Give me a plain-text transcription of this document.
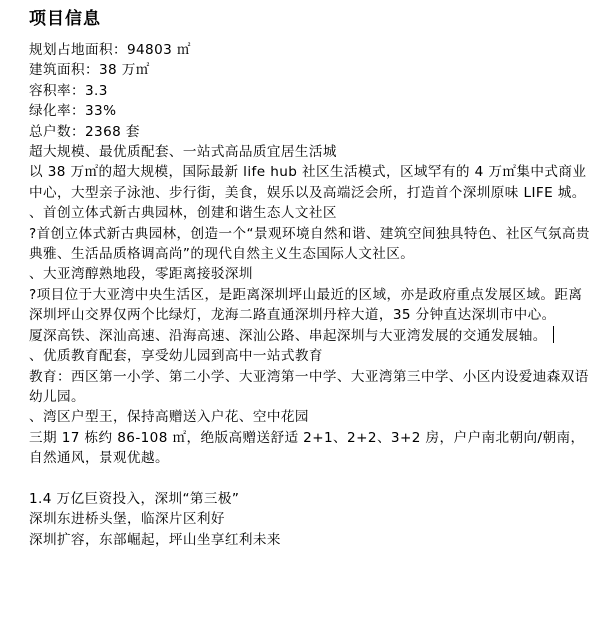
项目信息
规划占地面积：94803 ㎡
建筑面积：38 万㎡
容积率：3.3
绿化率：33%
总户数：2368 套
超大规模、最优质配套、一站式高品质宜居生活城
以 38 万㎡的超大规模，国际最新 life hub 社区生活模式，区域罕有的 4 万㎡集中式商业中心，大型亲子泳池、步行街，美食，娱乐以及高端泛会所，打造首个深圳原味 LIFE 城。
、首创立体式新古典园林，创建和谐生态人文社区
?首创立体式新古典园林，创造一个“景观环境自然和谐、建筑空间独具特色、社区气氛高贵典雅、生活品质格调高尚”的现代自然主义生态国际人文社区。
、大亚湾醇熟地段，零距离接驳深圳
?项目位于大亚湾中央生活区，是距离深圳坪山最近的区域，亦是政府重点发展区域。距离深圳坪山交界仅两个比绿灯，龙海二路直通深圳丹梓大道，35 分钟直达深圳市中心。
厦深高铁、深汕高速、沿海高速、深汕公路、串起深圳与大亚湾发展的交通发展轴。
、优质教育配套，享受幼儿园到高中一站式教育
教育：西区第一小学、第二小学、大亚湾第一中学、大亚湾第三中学、小区内设爱迪森双语幼儿园。
、湾区户型王，保持高赠送入户花、空中花园
三期 17 栋约 86-108 ㎡，绝版高赠送舒适 2+1、2+2、3+2 房，户户南北朝向/朝南，自然通风，景观优越。
1.4 万亿巨资投入，深圳“第三极”
深圳东进桥头堡，临深片区利好
深圳扩容，东部崛起，坪山坐享红利未来
